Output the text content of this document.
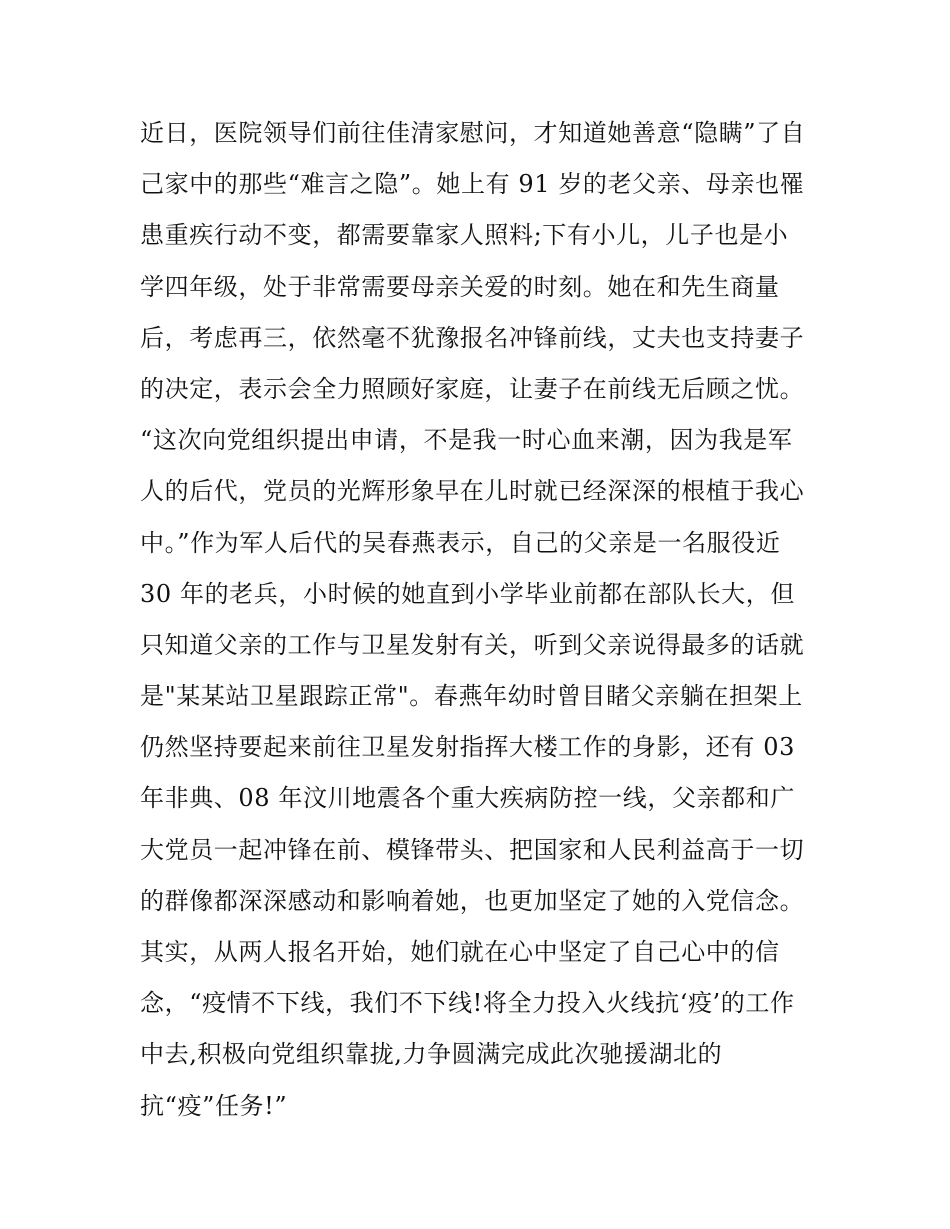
近日，医院领导们前往佳清家慰问，才知道她善意“隐瞒”了自
己家中的那些“难言之隐”。她上有 91 岁的老父亲、母亲也罹
患重疾行动不变，都需要靠家人照料;下有小儿，儿子也是小
学四年级，处于非常需要母亲关爱的时刻。她在和先生商量
后，考虑再三，依然毫不犹豫报名冲锋前线，丈夫也支持妻子
的决定，表示会全力照顾好家庭，让妻子在前线无后顾之忧。
“这次向党组织提出申请，不是我一时心血来潮，因为我是军
人的后代，党员的光辉形象早在儿时就已经深深的根植于我心
中。”作为军人后代的吴春燕表示，自己的父亲是一名服役近
30 年的老兵，小时候的她直到小学毕业前都在部队长大，但
只知道父亲的工作与卫星发射有关，听到父亲说得最多的话就
是"某某站卫星跟踪正常"。春燕年幼时曾目睹父亲躺在担架上
仍然坚持要起来前往卫星发射指挥大楼工作的身影，还有 03
年非典、08 年汶川地震各个重大疾病防控一线，父亲都和广
大党员一起冲锋在前、模锋带头、把国家和人民利益高于一切
的群像都深深感动和影响着她，也更加坚定了她的入党信念。
其实，从两人报名开始，她们就在心中坚定了自己心中的信
念，“疫情不下线，我们不下线!将全力投入火线抗‘疫’的工作
中去,积极向党组织靠拢,力争圆满完成此次驰援湖北的
抗“疫”任务!”
